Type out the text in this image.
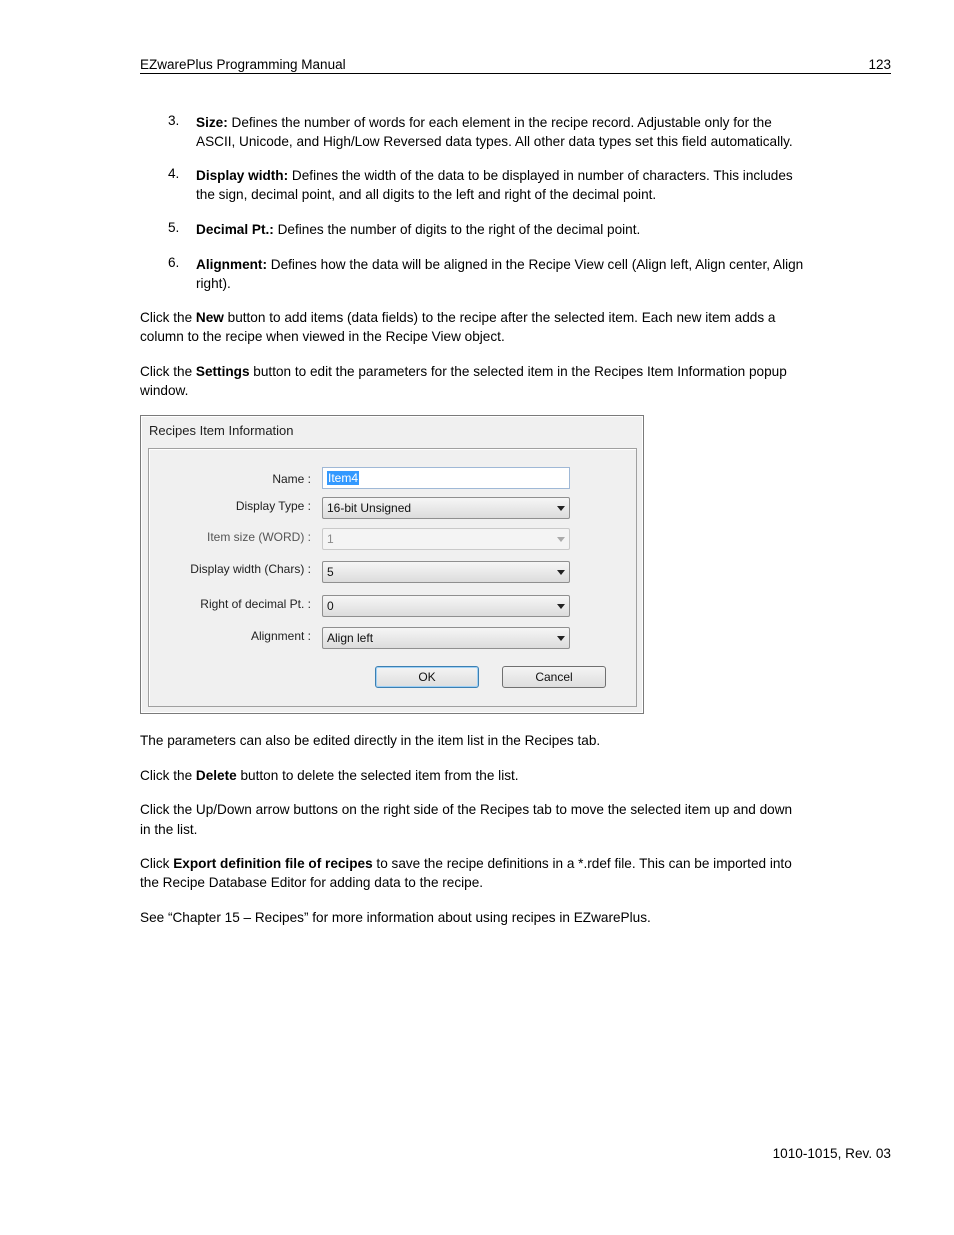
EZwarePlus Programming Manual	123
3. Size: Defines the number of words for each element in the recipe record. Adjustable only for the
ASCII, Unicode, and High/Low Reversed data types. All other data types set this field automatically.
4. Display width: Defines the width of the data to be displayed in number of characters. This includes
the sign, decimal point, and all digits to the left and right of the decimal point.
5. Decimal Pt.: Defines the number of digits to the right of the decimal point.
6. Alignment: Defines how the data will be aligned in the Recipe View cell (Align left, Align center, Align
right).
Click the New button to add items (data fields) to the recipe after the selected item. Each new item adds a
column to the recipe when viewed in the Recipe View object.
Click the Settings button to edit the parameters for the selected item in the Recipes Item Information popup
window.
Recipes Item Information
Name :	Item4
Display Type :	16-bit Unsigned
Item size (WORD) :	1
Display width (Chars) :	5
Right of decimal Pt. :	0
Alignment :	Align left
OK	Cancel
The parameters can also be edited directly in the item list in the Recipes tab.
Click the Delete button to delete the selected item from the list.
Click the Up/Down arrow buttons on the right side of the Recipes tab to move the selected item up and down
in the list.
Click Export definition file of recipes to save the recipe definitions in a *.rdef file. This can be imported into
the Recipe Database Editor for adding data to the recipe.
See “Chapter 15 – Recipes” for more information about using recipes in EZwarePlus.
1010-1015, Rev. 03
